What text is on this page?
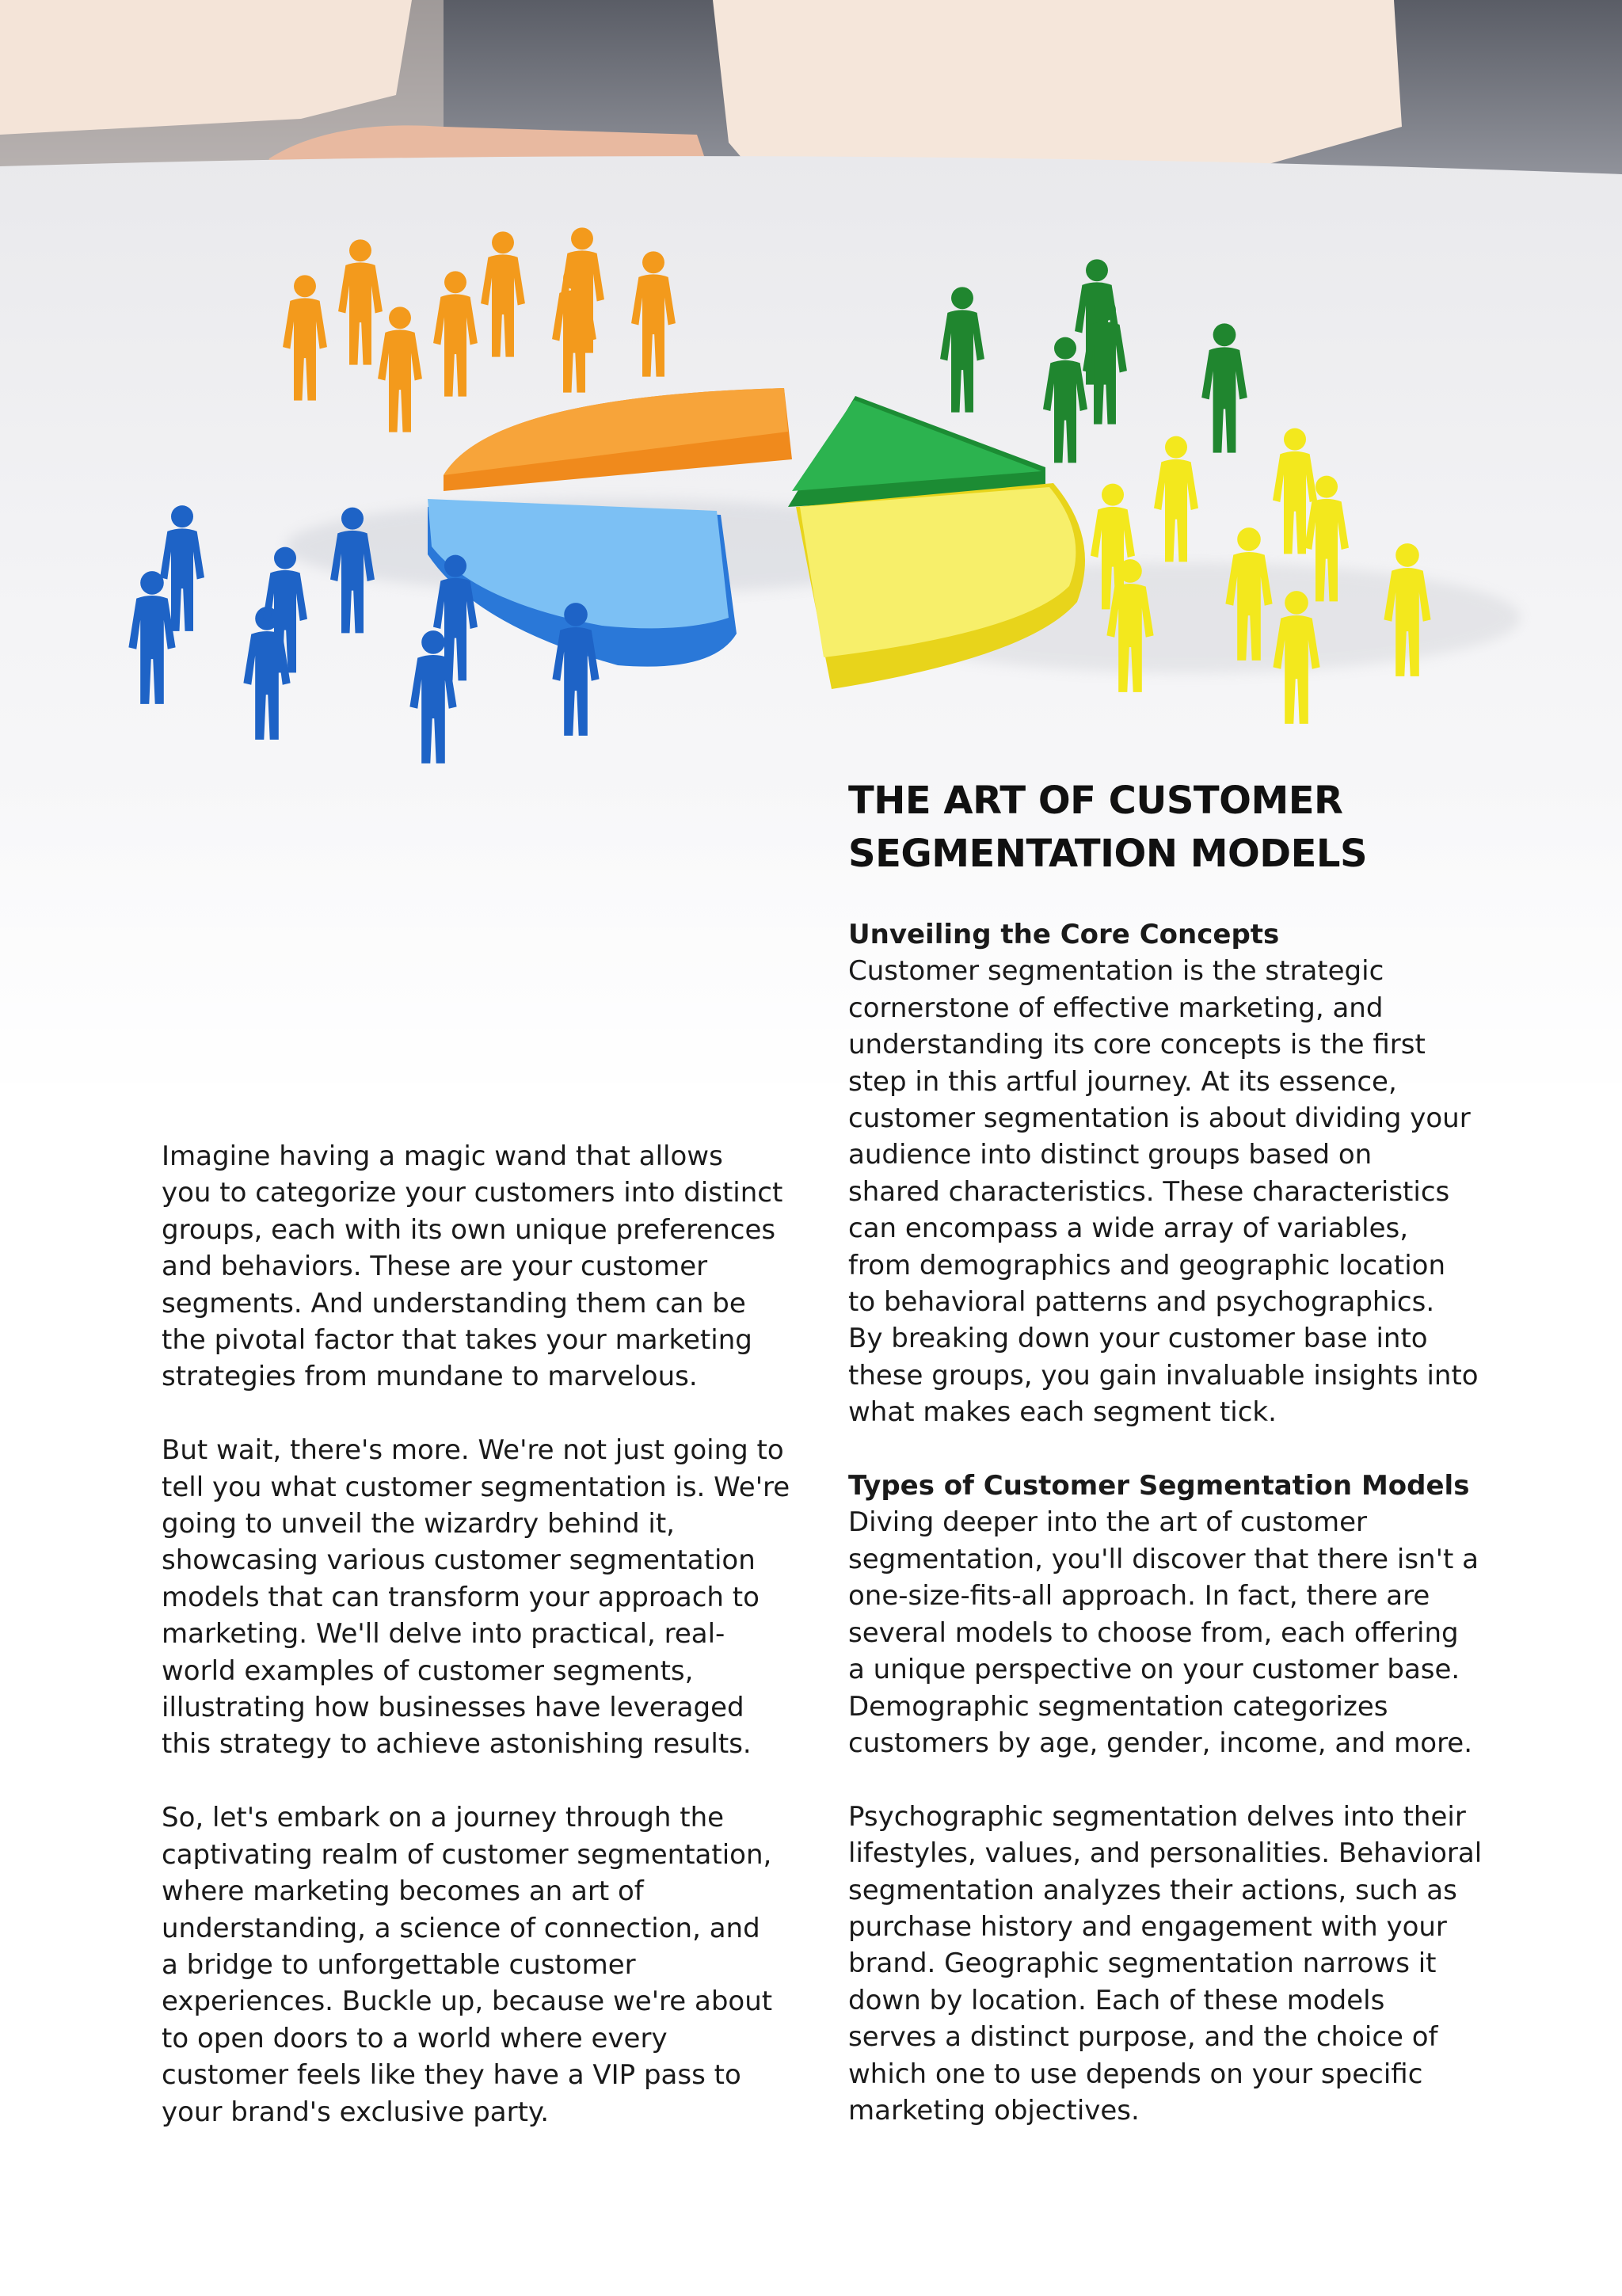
THE ART OF CUSTOMER
SEGMENTATION MODELS

Imagine having a magic wand that allows

you to categorize your customers into distinct

groups, each with its own unique preferences

and behaviors. These are your customer

segments. And understanding them can be

the pivotal factor that takes your marketing

strategies from mundane to marvelous.

But wait, there's more. We're not just going to

tell you what customer segmentation is. We're

going to unveil the wizardry behind it,

showcasing various customer segmentation

models that can transform your approach to

marketing. We'll delve into practical, real-

world examples of customer segments,

illustrating how businesses have leveraged

this strategy to achieve astonishing results.

So, let's embark on a journey through the

captivating realm of customer segmentation,

where marketing becomes an art of

understanding, a science of connection, and

a bridge to unforgettable customer

experiences. Buckle up, because we're about

to open doors to a world where every

customer feels like they have a VIP pass to

your brand's exclusive party.

Unveiling the Core Concepts

Customer segmentation is the strategic

cornerstone of effective marketing, and

understanding its core concepts is the first

step in this artful journey. At its essence,

customer segmentation is about dividing your

audience into distinct groups based on

shared characteristics. These characteristics

can encompass a wide array of variables,

from demographics and geographic location

to behavioral patterns and psychographics.

By breaking down your customer base into

these groups, you gain invaluable insights into

what makes each segment tick.

Types of Customer Segmentation Models

Diving deeper into the art of customer

segmentation, you'll discover that there isn't a

one-size-fits-all approach. In fact, there are

several models to choose from, each offering

a unique perspective on your customer base.

Demographic segmentation categorizes

customers by age, gender, income, and more.

Psychographic segmentation delves into their

lifestyles, values, and personalities. Behavioral

segmentation analyzes their actions, such as

purchase history and engagement with your

brand. Geographic segmentation narrows it

down by location. Each of these models

serves a distinct purpose, and the choice of

which one to use depends on your specific

marketing objectives.
